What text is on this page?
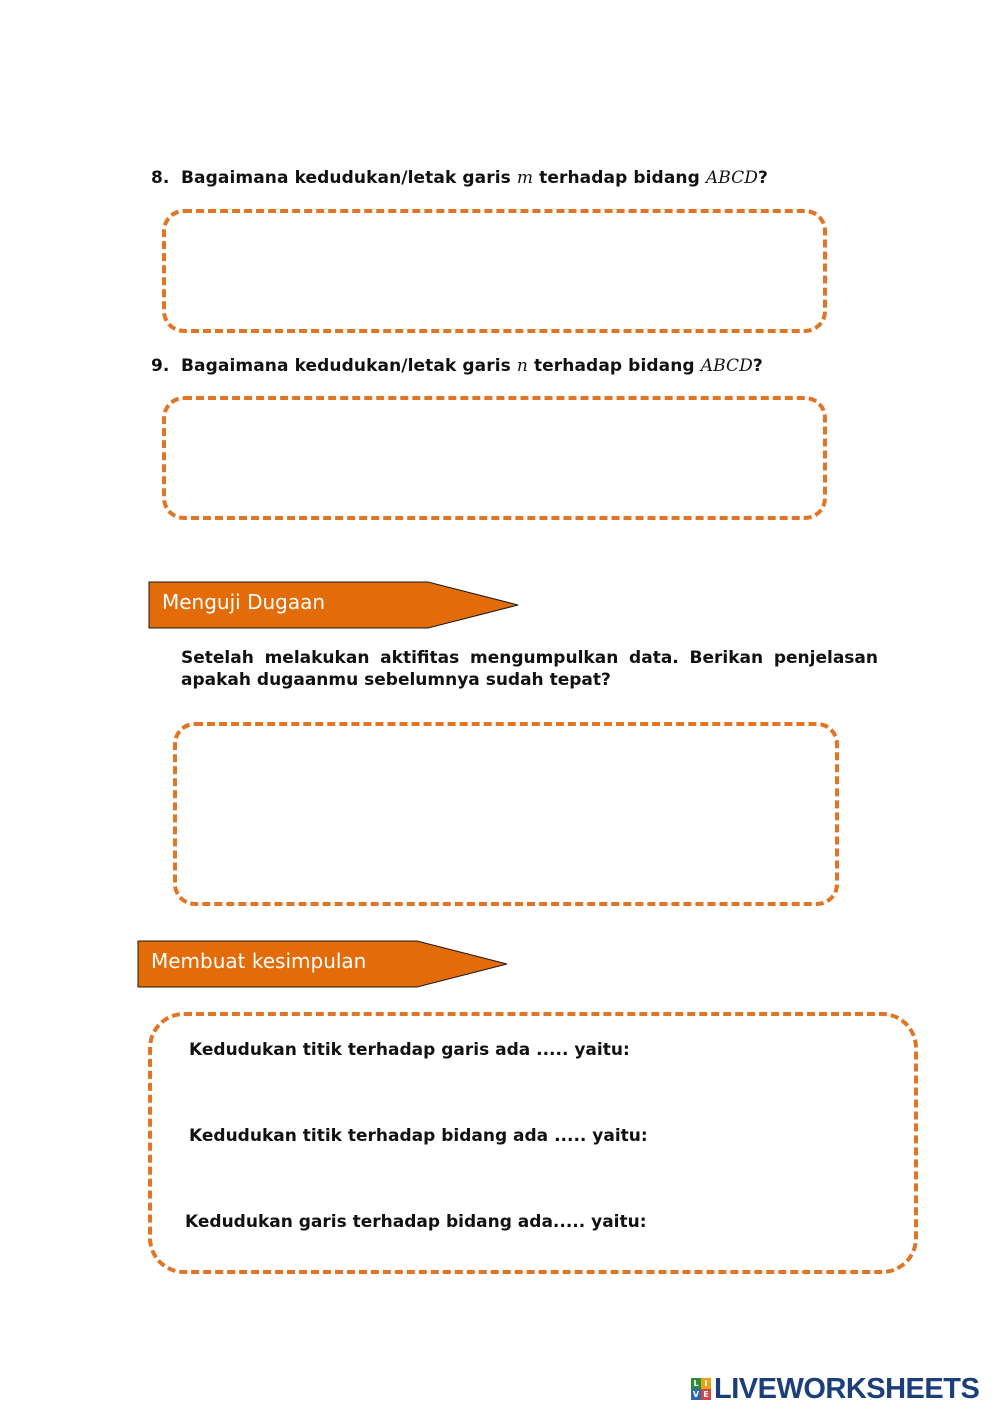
8. Bagaimana kedudukan/letak garis m terhadap bidang ABCD?
9. Bagaimana kedudukan/letak garis n terhadap bidang ABCD?
Menguji Dugaan
Setelah melakukan aktifitas mengumpulkan data. Berikan penjelasan apakah dugaanmu sebelumnya sudah tepat?
Membuat kesimpulan
Kedudukan titik terhadap garis ada ..... yaitu:
Kedudukan titik terhadap bidang ada ..... yaitu:
Kedudukan garis terhadap bidang ada..... yaitu:
L I
V E LIVEWORKSHEETS
